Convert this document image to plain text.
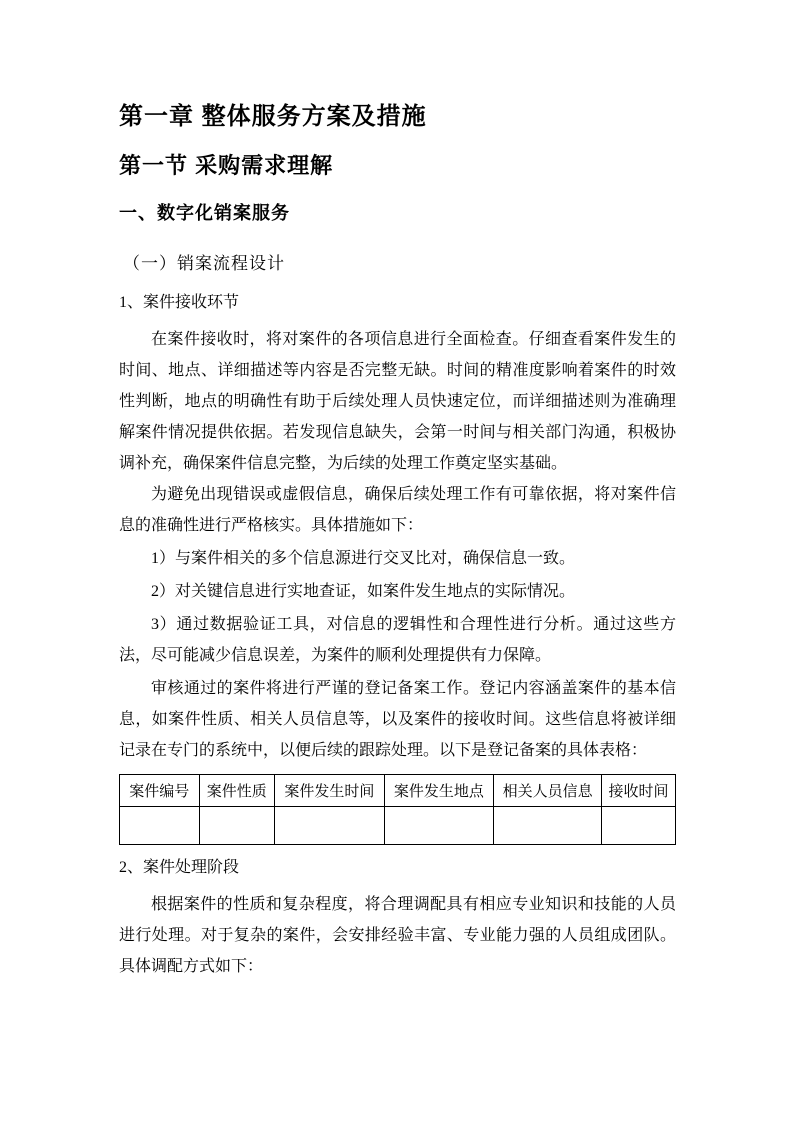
第一章 整体服务方案及措施
第一节 采购需求理解
一、数字化销案服务
（一）销案流程设计

1、案件接收环节

在案件接收时，将对案件的各项信息进行全面检查。仔细查看案件发生的时间、地点、详细描述等内容是否完整无缺。时间的精准度影响着案件的时效性判断，地点的明确性有助于后续处理人员快速定位，而详细描述则为准确理解案件情况提供依据。若发现信息缺失，会第一时间与相关部门沟通，积极协调补充，确保案件信息完整，为后续的处理工作奠定坚实基础。

为避免出现错误或虚假信息，确保后续处理工作有可靠依据，将对案件信息的准确性进行严格核实。具体措施如下：

1）与案件相关的多个信息源进行交叉比对，确保信息一致。

2）对关键信息进行实地查证，如案件发生地点的实际情况。

3）通过数据验证工具，对信息的逻辑性和合理性进行分析。通过这些方法，尽可能减少信息误差，为案件的顺利处理提供有力保障。

审核通过的案件将进行严谨的登记备案工作。登记内容涵盖案件的基本信息，如案件性质、相关人员信息等，以及案件的接收时间。这些信息将被详细记录在专门的系统中，以便后续的跟踪处理。以下是登记备案的具体表格：

案件编号	案件性质	案件发生时间	案件发生地点	相关人员信息	接收时间

2、案件处理阶段

根据案件的性质和复杂程度，将合理调配具有相应专业知识和技能的人员进行处理。对于复杂的案件，会安排经验丰富、专业能力强的人员组成团队。具体调配方式如下：
